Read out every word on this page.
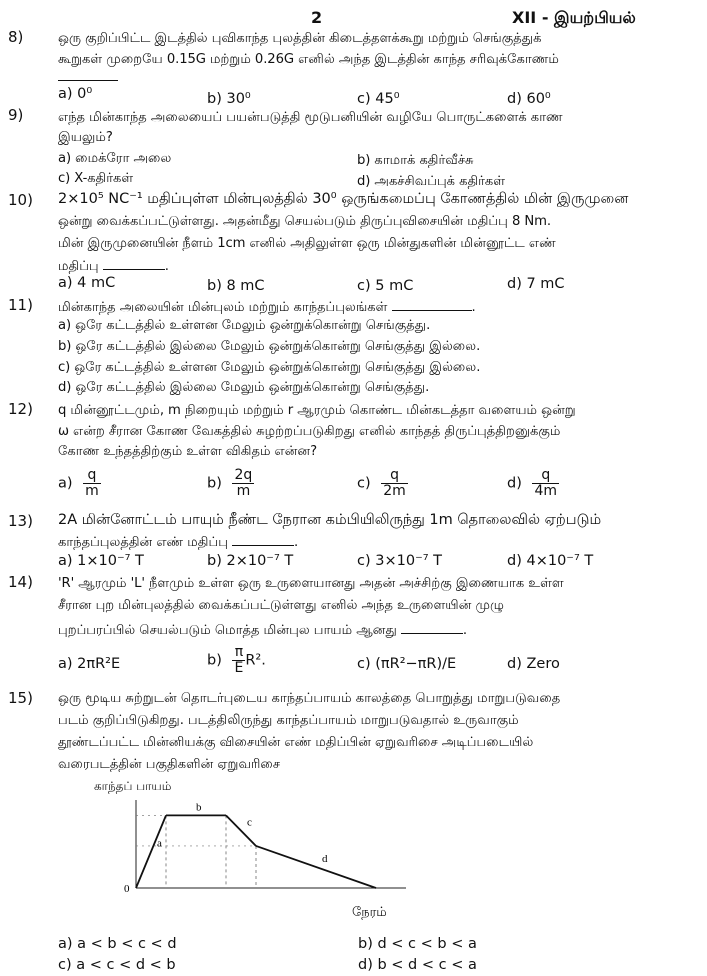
2	XII - இயற்பியல்
8)	ஒரு குறிப்பிட்ட இடத்தில் புவிகாந்த புலத்தின் கிடைத்தளக்கூறு மற்றும் செங்குத்துக்
கூறுகள் முறையே 0.15G மற்றும் 0.26G எனில் அந்த இடத்தின் காந்த சரிவுக்கோணம்
a) 0⁰	b) 30⁰	c) 45⁰	d) 60⁰
9)	எந்த மின்காந்த அலையைப் பயன்படுத்தி மூடுபனியின் வழியே பொருட்களைக் காண
இயலும்?
a) மைக்ரோ அலை	b) காமாக் கதிர்வீச்சு
c) X-கதிர்கள்	d) அகச்சிவப்புக் கதிர்கள்
10) 2×10⁵ NC⁻¹ மதிப்புள்ள மின்புலத்தில் 30⁰ ஒருங்கமைப்பு கோணத்தில் மின் இருமுனை
ஒன்று வைக்கப்பட்டுள்ளது. அதன்மீது செயல்படும் திருப்புவிசையின் மதிப்பு 8 Nm.
மின் இருமுனையின் நீளம் 1cm எனில் அதிலுள்ள ஒரு மின்துகளின் மின்னூட்ட எண்
மதிப்பு	.
a) 4 mC	b) 8 mC	c) 5 mC	d) 7 mC
11) மின்காந்த அலையின் மின்புலம் மற்றும் காந்தப்புலங்கள்	.
a) ஒரே கட்டத்தில் உள்ளன மேலும் ஒன்றுக்கொன்று செங்குத்து.
b) ஒரே கட்டத்தில் இல்லை மேலும் ஒன்றுக்கொன்று செங்குத்து இல்லை.
c) ஒரே கட்டத்தில் உள்ளன மேலும் ஒன்றுக்கொன்று செங்குத்து இல்லை.
d) ஒரே கட்டத்தில் இல்லை மேலும் ஒன்றுக்கொன்று செங்குத்து.
12) q மின்னூட்டமும், m நிறையும் மற்றும் r ஆரமும் கொண்ட மின்கடத்தா வளையம் ஒன்று
ω என்ற சீரான கோண வேகத்தில் சுழற்றப்படுகிறது எனில் காந்தத் திருப்புத்திறனுக்கும்
கோண உந்தத்திற்கும் உள்ள விகிதம் என்ன?
$a) \frac{q}{m}$	$b) \frac{2q}{m}$	$c) \frac{q}{2m}$	$d) \frac{q}{4m}$
13) 2A மின்னோட்டம் பாயும் நீண்ட நேரான கம்பியிலிருந்து 1m தொலைவில் ஏற்படும்
காந்தப்புலத்தின் எண் மதிப்பு	.
a) 1×10⁻⁷ T	b) 2×10⁻⁷ T	c) 3×10⁻⁷ T	d) 4×10⁻⁷ T
14) 'R' ஆரமும் 'L' நீளமும் உள்ள ஒரு உருளையானது அதன் அச்சிற்கு இணையாக உள்ள
சீரான புற மின்புலத்தில் வைக்கப்பட்டுள்ளது எனில் அந்த உருளையின் முழு
புறப்பரப்பில் செயல்படும் மொத்த மின்புல பாயம் ஆனது	.
a) 2πR²E	$b) \frac{\pi}{E} R^2$.	c) (πR²−πR)/E	d) Zero
15) ஒரு மூடிய சுற்றுடன் தொடர்புடைய காந்தப்பாயம் காலத்தை பொறுத்து மாறுபடுவதை
படம் குறிப்பிடுகிறது. படத்திலிருந்து காந்தப்பாயம் மாறுபடுவதால் உருவாகும்
தூண்டப்பட்ட மின்னியக்கு விசையின் எண் மதிப்பின் ஏறுவரிசை அடிப்படையில்
வரைபடத்தின் பகுதிகளின் ஏறுவரிசை
காந்தப் பாயம்
நேரம்
a
b
c
d
0
a) a < b < c < d	b) d < c < b < a
c) a < c < d < b	d) b < d < c < a
